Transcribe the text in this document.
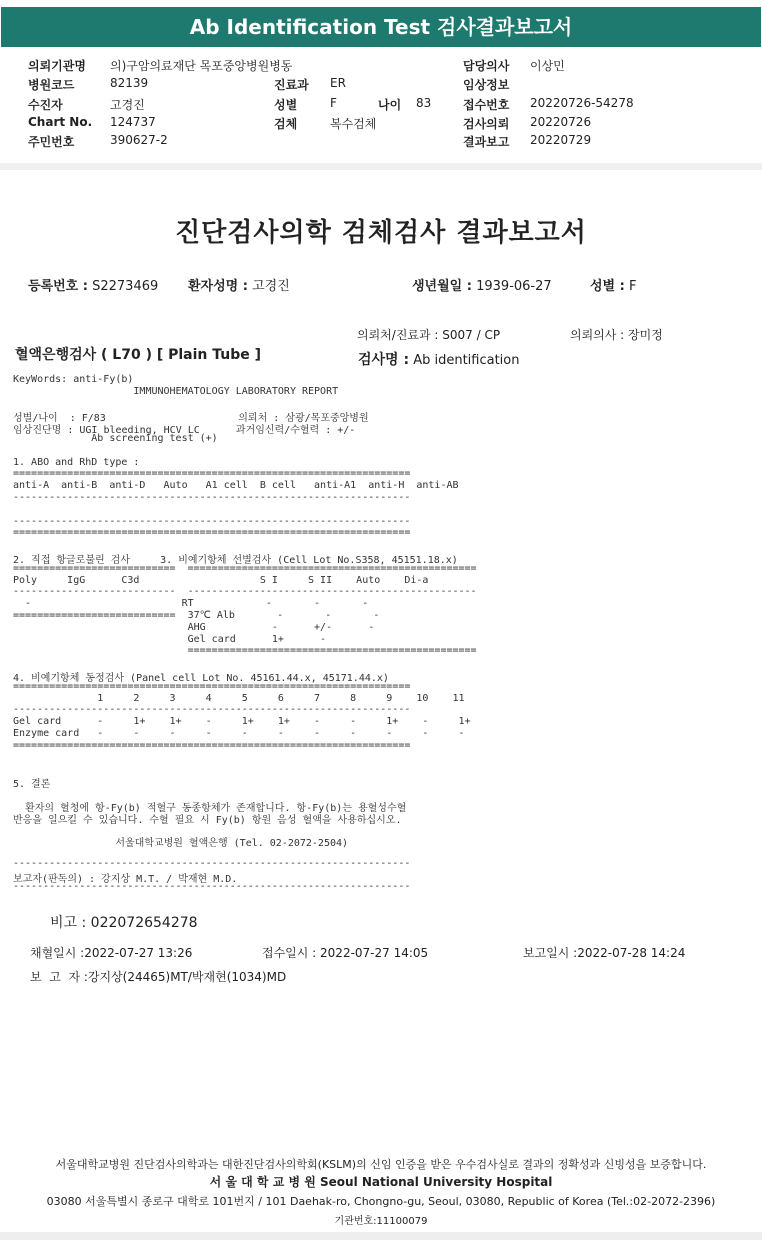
Ab Identification Test 검사결과보고서
의뢰기관명 의)구암의료재단 목포중앙병원병동	담당의사 이상민
병원코드	82139	진료과 ER	임상정보
수진자	고경진	성별	F	나이 83	접수번호 20220726-54278
Chart No. 124737	검체	복수검체	검사의뢰 20220726
주민번호	390627-2	결과보고 20220729
진단검사의학 검체검사 결과보고서
등록번호 : S2273469 환자성명 : 고경진	생년월일 : 1939-06-27	성별 : F
의뢰처/진료과 : S007 / CP	의뢰의사 : 장미정
혈액은행검사 ( L70 ) [ Plain Tube ]	검사명 : Ab identification
KeyWords: anti-Fy(b)
IMMUNOHEMATOLOGY LABORATORY REPORT
성별/나이  : F/83                      의뢰처 : 삼광/목포중앙병원
임상진단명 : UGI bleeding, HCV LC      과거임신력/수혈력 : +/-
Ab screening test (+)
1. ABO and RhD type :
==================================================================
anti-A  anti-B  anti-D   Auto   A1 cell  B cell   anti-A1  anti-H  anti-AB
------------------------------------------------------------------
------------------------------------------------------------------
==================================================================
2. 직접 항글로불린 검사     3. 비예기항체 선별검사 (Cell Lot No.S358, 45151.18.x)
===========================  ================================================
Poly     IgG      C3d                    S I     S II    Auto    Di-a
---------------------------  ------------------------------------------------
-                         RT            -       -       -
===========================  37℃ Alb       -       -       -
AHG           -      +/-      -
Gel card      1+      -
================================================
4. 비예기항체 동정검사 (Panel cell Lot No. 45161.44.x, 45171.44.x)
==================================================================
1     2     3     4     5     6     7     8     9    10    11
------------------------------------------------------------------
Gel card      -     1+    1+    -     1+    1+    -     -     1+    -     1+
Enzyme card   -     -     -     -     -     -     -     -     -     -     -
==================================================================
5. 결론
환자의 혈청에 항-Fy(b) 적혈구 동종항체가 존재합니다. 항-Fy(b)는 용혈성수혈
반응을 일으킬 수 있습니다. 수혈 필요 시 Fy(b) 항원 음성 혈액을 사용하십시오.
서울대학교병원 혈액은행 (Tel. 02-2072-2504)
------------------------------------------------------------------
보고자(판독의) : 강지상 M.T. / 박재현 M.D.
------------------------------------------------------------------
비고 : 022072654278
채혈일시 :2022-07-27 13:26	접수일시 : 2022-07-27 14:05	보고일시 :2022-07-28 14:24
보  고  자 :강지상(24465)MT/박재현(1034)MD
서울대학교병원 진단검사의학과는 대한진단검사의학회(KSLM)의 신임 인증을 받은 우수검사실로 결과의 정확성과 신빙성을 보증합니다.
서 울 대 학 교 병 원 Seoul National University Hospital
03080 서울특별시 종로구 대학로 101번지 / 101 Daehak-ro, Chongno-gu, Seoul, 03080, Republic of Korea (Tel.:02-2072-2396)
기관번호:11100079
